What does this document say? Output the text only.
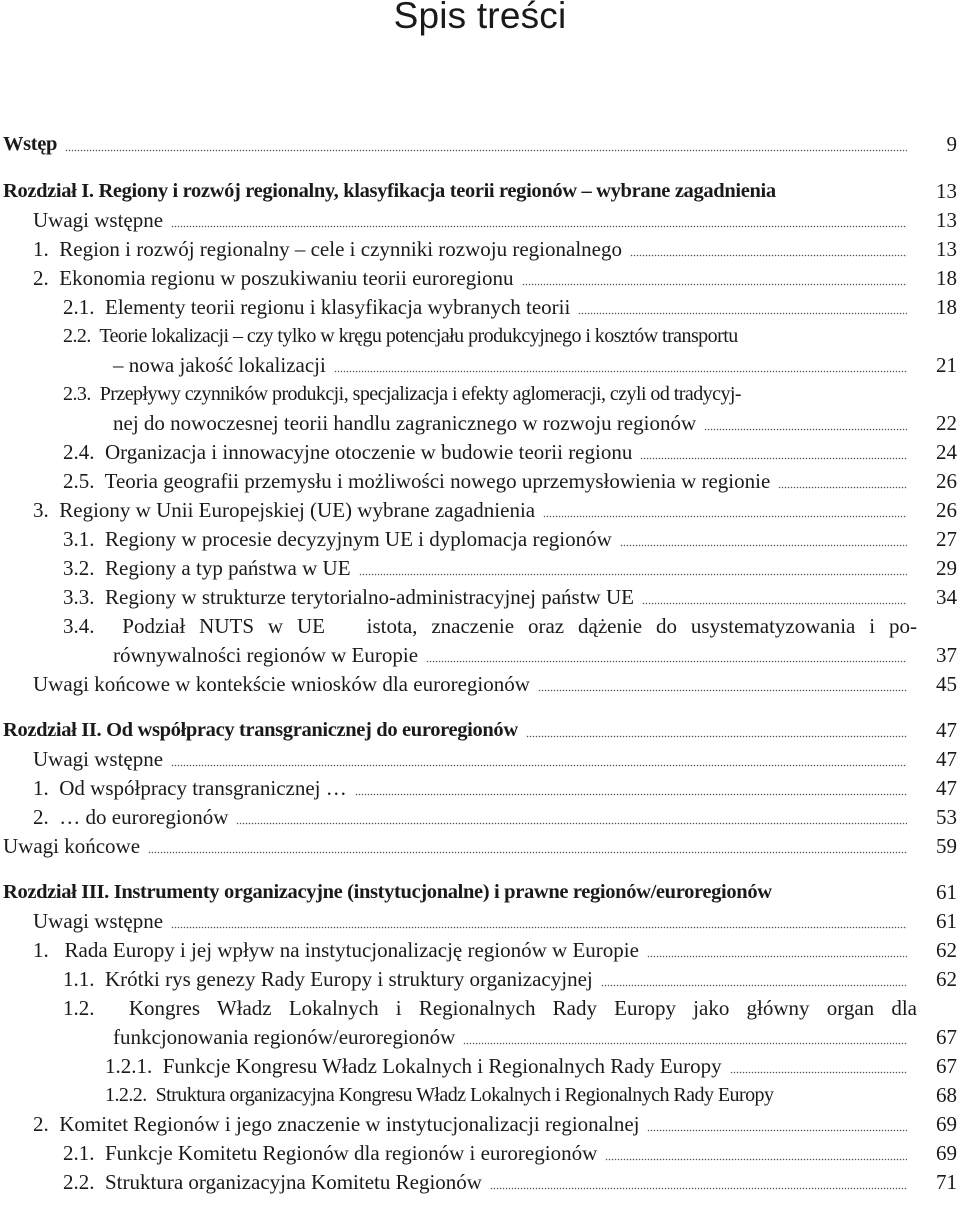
Spis treści
Wstęp	9
Rozdział I. Regiony i rozwój regionalny, klasyfikacja teorii regionów – wybrane zagadnienia	13
Uwagi wstępne	13
1.  Region i rozwój regionalny – cele i czynniki rozwoju regionalnego	13
2.  Ekonomia regionu w poszukiwaniu teorii euroregionu	18
2.1.  Elementy teorii regionu i klasyfikacja wybranych teorii	18
2.2.  Teorie lokalizacji – czy tylko w kręgu potencjału produkcyjnego i kosztów transportu
– nowa jakość lokalizacji	21
2.3.  Przepływy czynników produkcji, specjalizacja i efekty aglomeracji, czyli od tradycyj-
nej do nowoczesnej teorii handlu zagranicznego w rozwoju regionów	22
2.4.  Organizacja i innowacyjne otoczenie w budowie teorii regionu	24
2.5.  Teoria geografii przemysłu i możliwości nowego uprzemysłowienia w regionie	26
3.  Regiony w Unii Europejskiej (UE) wybrane zagadnienia	26
3.1.  Regiony w procesie decyzyjnym UE i dyplomacja regionów	27
3.2.  Regiony a typ państwa w UE	29
3.3.  Regiony w strukturze terytorialno-administracyjnej państw UE	34
3.4.  Podział NUTS w UE   istota, znaczenie oraz dążenie do usystematyzowania i po-
równywalności regionów w Europie	37
Uwagi końcowe w kontekście wniosków dla euroregionów	45
Rozdział II. Od współpracy transgranicznej do euroregionów	47
Uwagi wstępne	47
1.  Od współpracy transgranicznej …	47
2.  … do euroregionów	53
Uwagi końcowe	59
Rozdział III. Instrumenty organizacyjne (instytucjonalne) i prawne regionów/euroregionów	61
Uwagi wstępne	61
1.   Rada Europy i jej wpływ na instytucjonalizację regionów w Europie	62
1.1.  Krótki rys genezy Rady Europy i struktury organizacyjnej	62
1.2.  Kongres Władz Lokalnych i Regionalnych Rady Europy jako główny organ dla
funkcjonowania regionów/euroregionów	67
1.2.1.  Funkcje Kongresu Władz Lokalnych i Regionalnych Rady Europy	67
1.2.2.  Struktura organizacyjna Kongresu Władz Lokalnych i Regionalnych Rady Europy	68
2.  Komitet Regionów i jego znaczenie w instytucjonalizacji regionalnej	69
2.1.  Funkcje Komitetu Regionów dla regionów i euroregionów	69
2.2.  Struktura organizacyjna Komitetu Regionów	71
